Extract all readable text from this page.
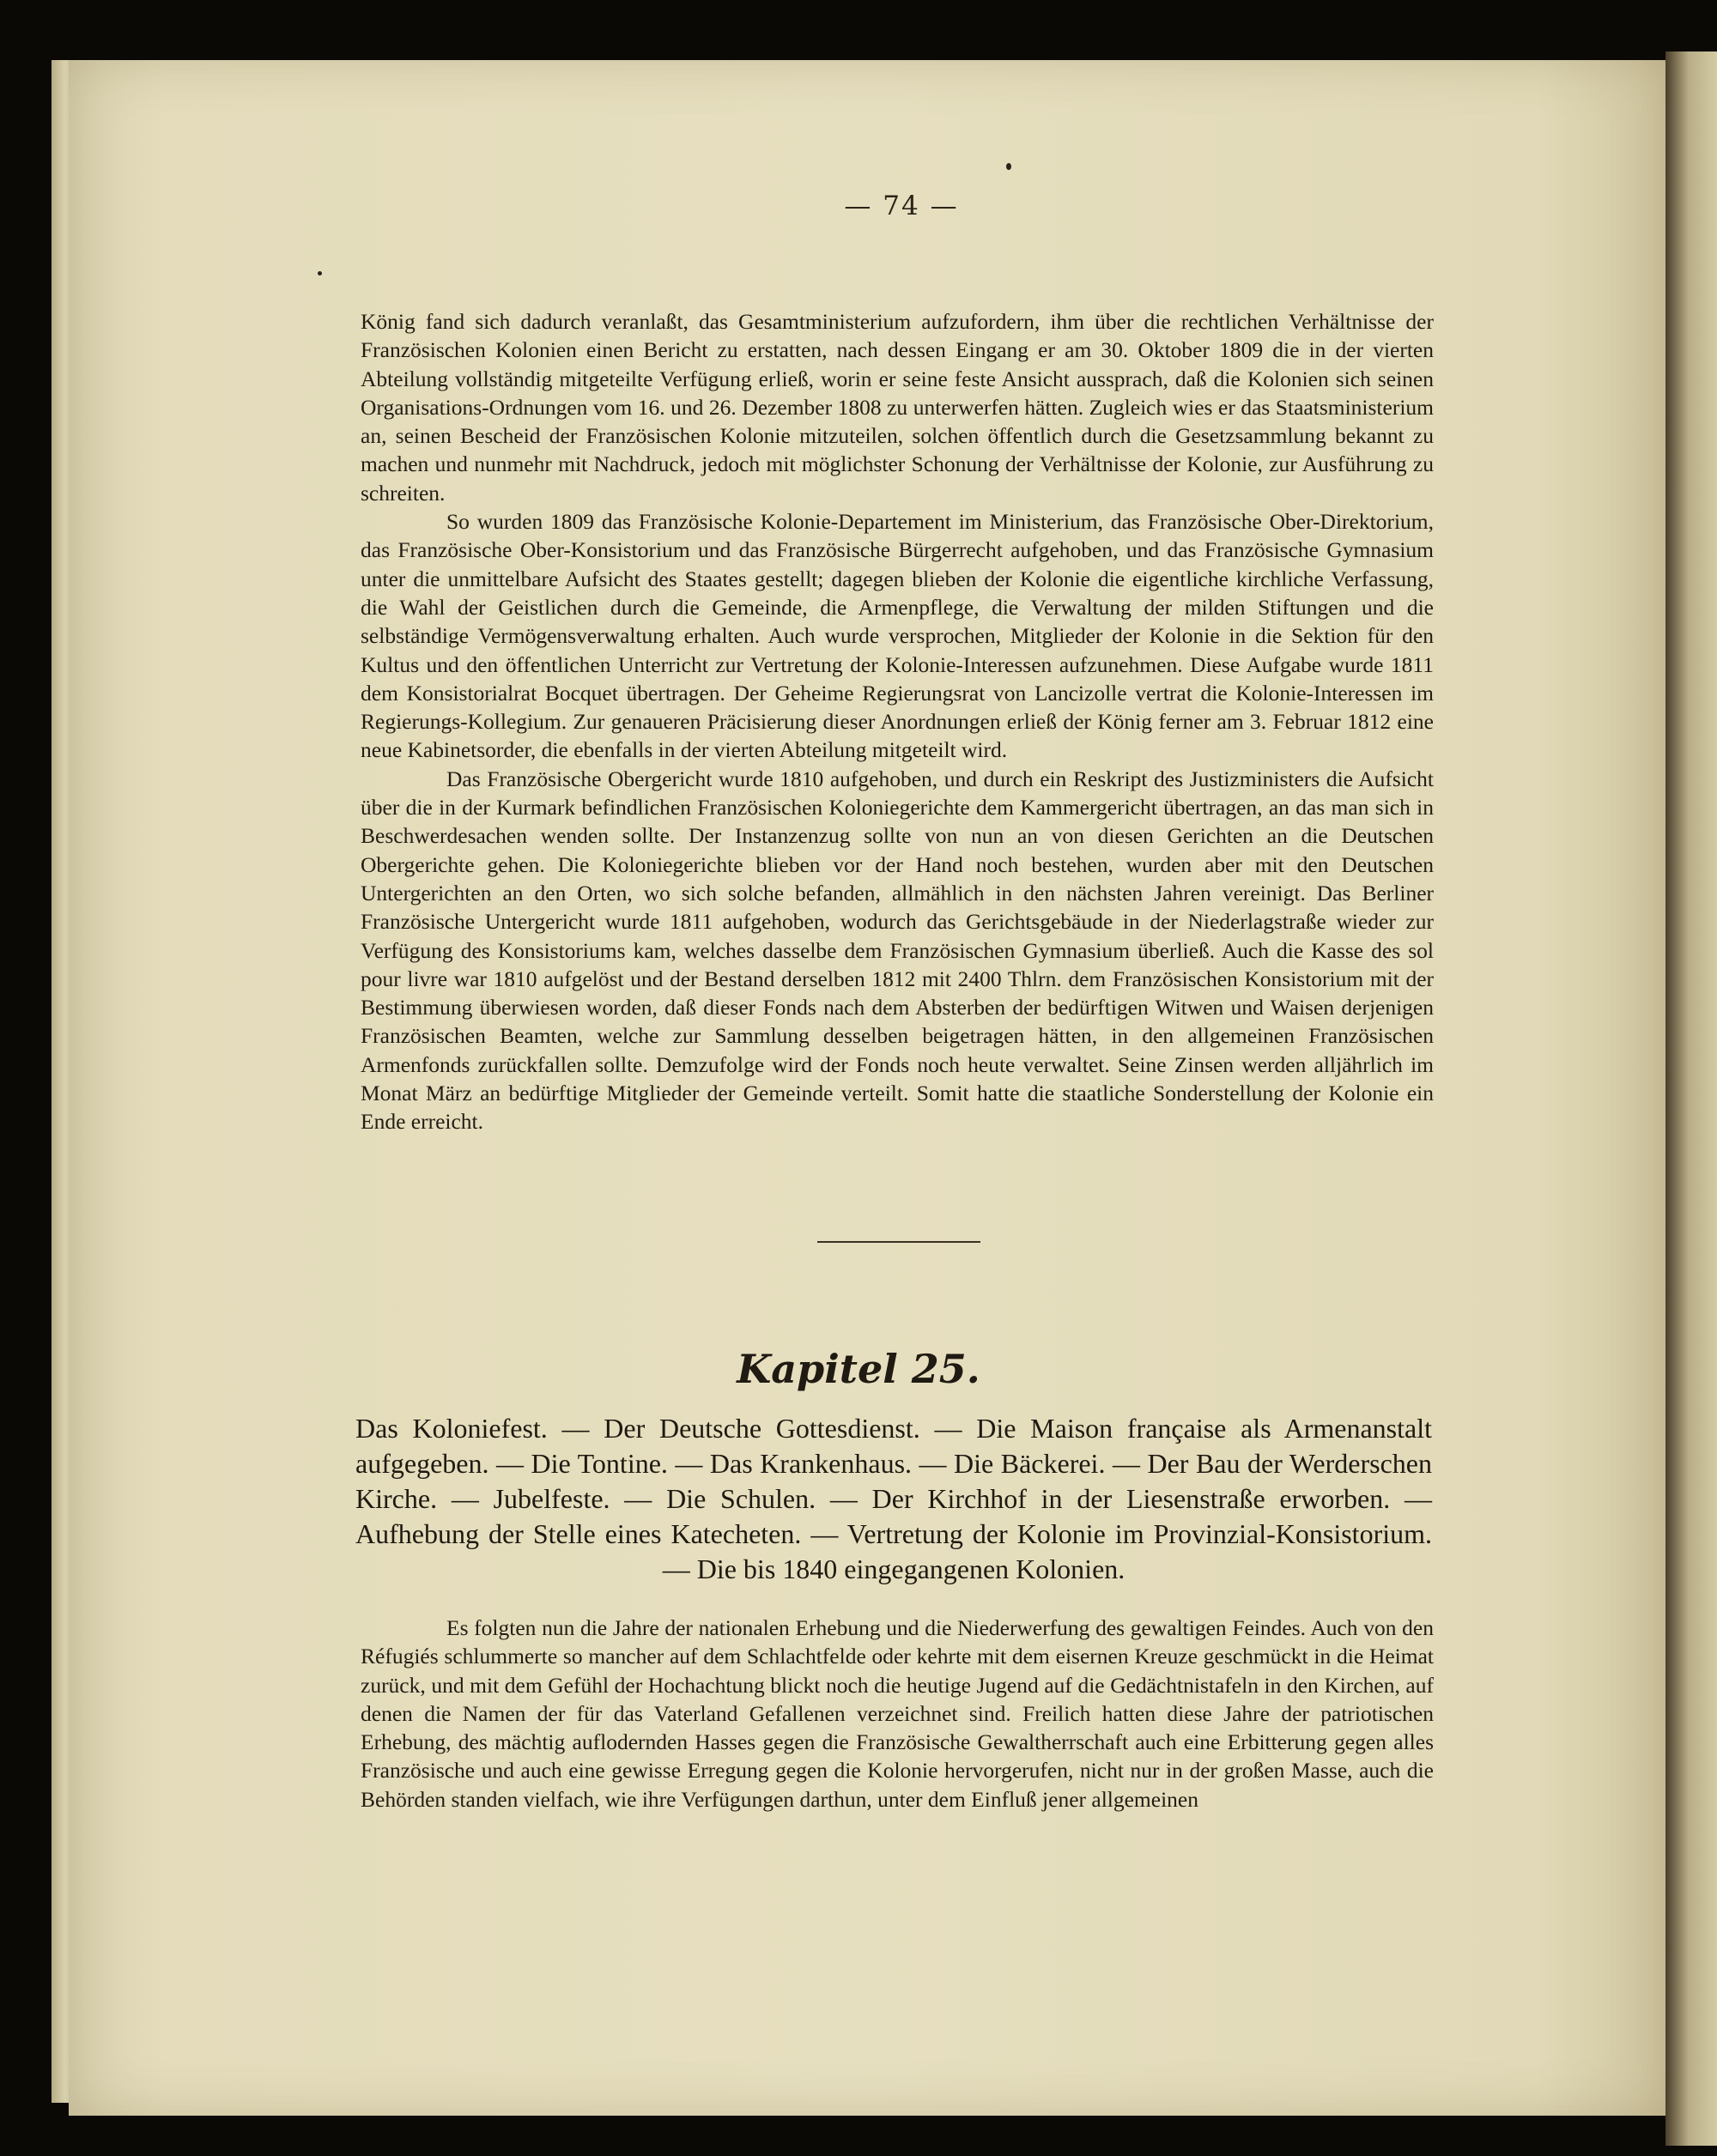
— 74 —

König fand sich dadurch veranlaßt, das Gesamtministerium aufzufordern, ihm über die rechtlichen Verhältnisse der Französischen Kolonien einen Bericht zu erstatten, nach dessen Eingang er am 30. Oktober 1809 die in der vierten Abteilung vollständig mitgeteilte Verfügung erließ, worin er seine feste Ansicht aussprach, daß die Kolonien sich seinen Organisations-Ordnungen vom 16. und 26. Dezember 1808 zu unterwerfen hätten. Zugleich wies er das Staatsministerium an, seinen Bescheid der Französischen Kolonie mitzuteilen, solchen öffentlich durch die Gesetzsammlung bekannt zu machen und nunmehr mit Nachdruck, jedoch mit möglichster Schonung der Verhältnisse der Kolonie, zur Ausführung zu schreiten.

So wurden 1809 das Französische Kolonie-Departement im Ministerium, das Französische Ober-Direktorium, das Französische Ober-Konsistorium und das Französische Bürgerrecht aufgehoben, und das Französische Gymnasium unter die unmittelbare Aufsicht des Staates gestellt; dagegen blieben der Kolonie die eigentliche kirchliche Verfassung, die Wahl der Geistlichen durch die Gemeinde, die Armenpflege, die Verwaltung der milden Stiftungen und die selbständige Vermögensverwaltung erhalten. Auch wurde versprochen, Mitglieder der Kolonie in die Sektion für den Kultus und den öffentlichen Unterricht zur Vertretung der Kolonie-Interessen aufzunehmen. Diese Aufgabe wurde 1811 dem Konsistorialrat Bocquet übertragen. Der Geheime Regierungsrat von Lancizolle vertrat die Kolonie-Interessen im Regierungs-Kollegium. Zur genaueren Präcisierung dieser Anordnungen erließ der König ferner am 3. Februar 1812 eine neue Kabinetsorder, die ebenfalls in der vierten Abteilung mitgeteilt wird.

Das Französische Obergericht wurde 1810 aufgehoben, und durch ein Reskript des Justizministers die Aufsicht über die in der Kurmark befindlichen Französischen Koloniegerichte dem Kammergericht übertragen, an das man sich in Beschwerdesachen wenden sollte. Der Instanzenzug sollte von nun an von diesen Gerichten an die Deutschen Obergerichte gehen. Die Koloniegerichte blieben vor der Hand noch bestehen, wurden aber mit den Deutschen Untergerichten an den Orten, wo sich solche befanden, allmählich in den nächsten Jahren vereinigt. Das Berliner Französische Untergericht wurde 1811 aufgehoben, wodurch das Gerichtsgebäude in der Niederlagstraße wieder zur Verfügung des Konsistoriums kam, welches dasselbe dem Französischen Gymnasium überließ. Auch die Kasse des sol pour livre war 1810 aufgelöst und der Bestand derselben 1812 mit 2400 Thlrn. dem Französischen Konsistorium mit der Bestimmung überwiesen worden, daß dieser Fonds nach dem Absterben der bedürftigen Witwen und Waisen derjenigen Französischen Beamten, welche zur Sammlung desselben beigetragen hätten, in den allgemeinen Französischen Armenfonds zurückfallen sollte. Demzufolge wird der Fonds noch heute verwaltet. Seine Zinsen werden alljährlich im Monat März an bedürftige Mitglieder der Gemeinde verteilt. Somit hatte die staatliche Sonderstellung der Kolonie ein Ende erreicht.

Kapitel 25.

Das Koloniefest. — Der Deutsche Gottesdienst. — Die Maison française als Armenanstalt aufgegeben. — Die Tontine. — Das Krankenhaus. — Die Bäckerei. — Der Bau der Werderschen Kirche. — Jubelfeste. — Die Schulen. — Der Kirchhof in der Liesenstraße erworben. — Aufhebung der Stelle eines Katecheten. — Vertretung der Kolonie im Provinzial-Konsistorium. — Die bis 1840 eingegangenen Kolonien.

Es folgten nun die Jahre der nationalen Erhebung und die Niederwerfung des gewaltigen Feindes. Auch von den Réfugiés schlummerte so mancher auf dem Schlachtfelde oder kehrte mit dem eisernen Kreuze geschmückt in die Heimat zurück, und mit dem Gefühl der Hochachtung blickt noch die heutige Jugend auf die Gedächtnistafeln in den Kirchen, auf denen die Namen der für das Vaterland Gefallenen verzeichnet sind. Freilich hatten diese Jahre der patriotischen Erhebung, des mächtig auflodernden Hasses gegen die Französische Gewaltherrschaft auch eine Erbitterung gegen alles Französische und auch eine gewisse Erregung gegen die Kolonie hervorgerufen, nicht nur in der großen Masse, auch die Behörden standen vielfach, wie ihre Verfügungen darthun, unter dem Einfluß jener allgemeinen
